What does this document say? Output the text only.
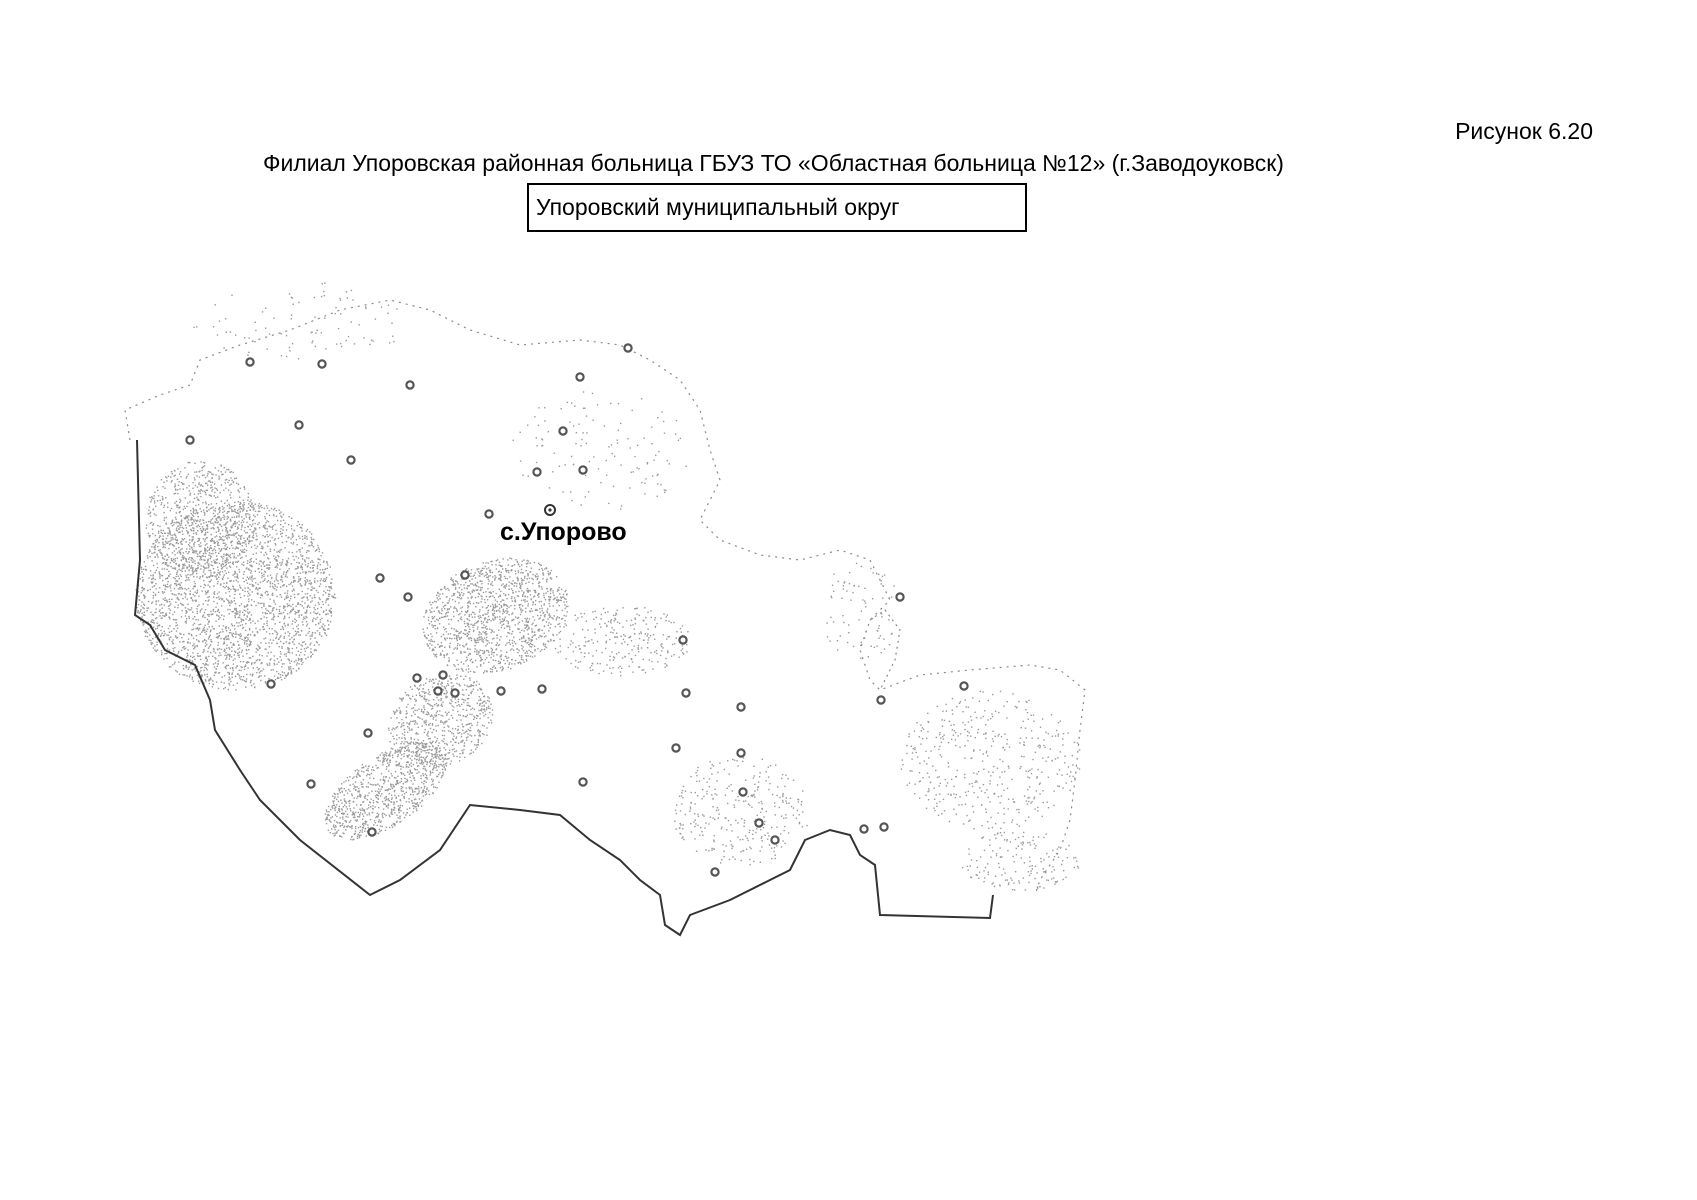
Рисунок 6.20
Филиал Упоровская районная больница ГБУЗ ТО «Областная больница №12» (г.Заводоуковск)
Упоровский муниципальный округ
с.Упорово
